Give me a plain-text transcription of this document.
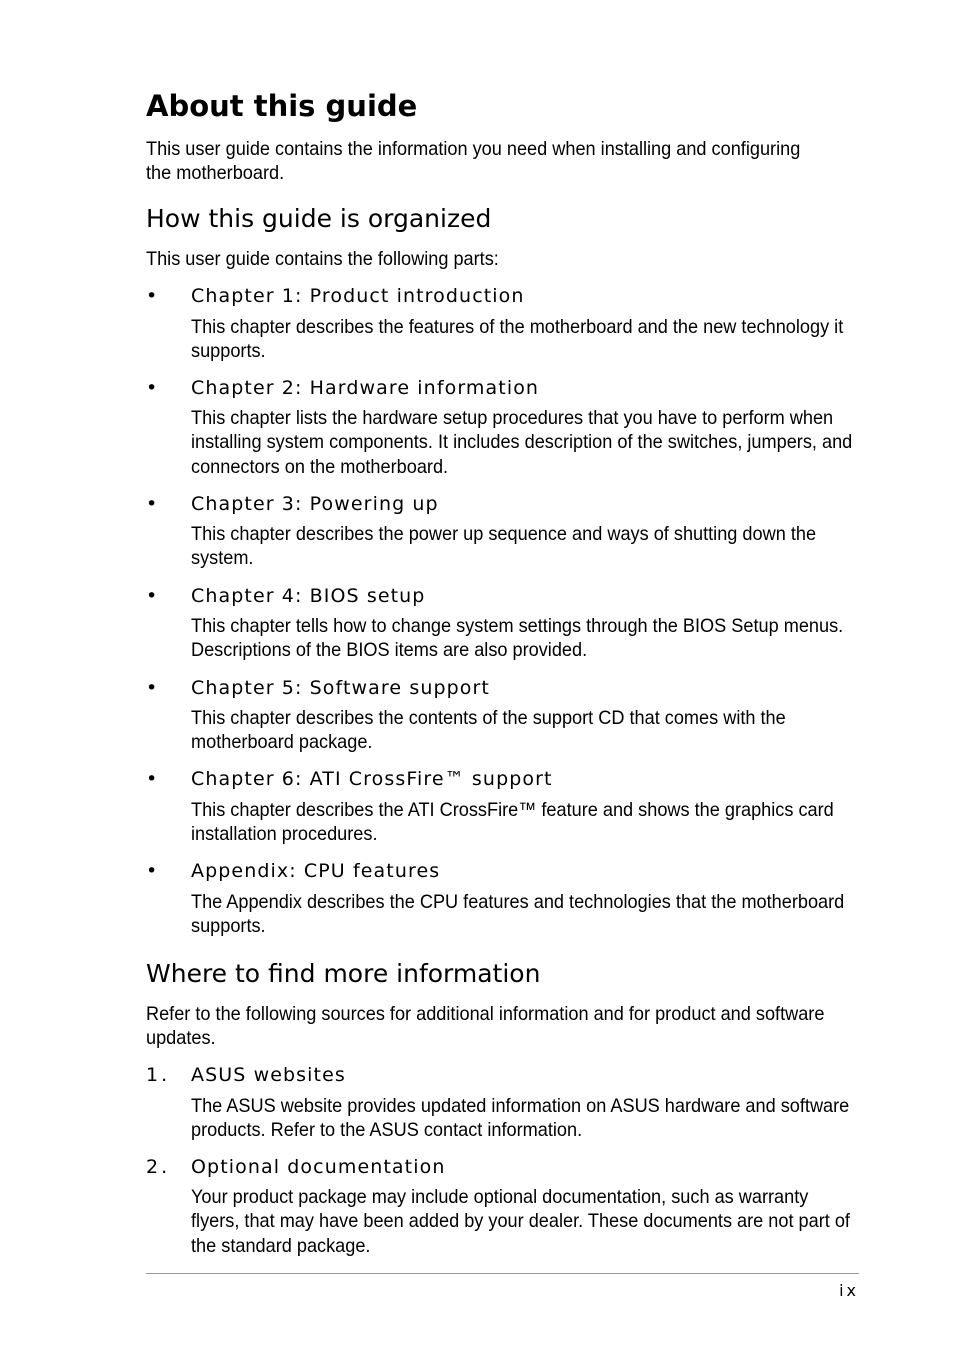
About this guide

This user guide contains the information you need when installing and configuring the motherboard.

How this guide is organized

This user guide contains the following parts:

• Chapter 1: Product introduction

This chapter describes the features of the motherboard and the new technology it supports.

• Chapter 2: Hardware information

This chapter lists the hardware setup procedures that you have to perform when installing system components. It includes description of the switches, jumpers, and connectors on the motherboard.

• Chapter 3: Powering up

This chapter describes the power up sequence and ways of shutting down the system.

• Chapter 4: BIOS setup

This chapter tells how to change system settings through the BIOS Setup menus. Descriptions of the BIOS items are also provided.

• Chapter 5: Software support

This chapter describes the contents of the support CD that comes with the motherboard package.

• Chapter 6: ATI CrossFire™ support

This chapter describes the ATI CrossFire™ feature and shows the graphics card installation procedures.

• Appendix: CPU features

The Appendix describes the CPU features and technologies that the motherboard supports.

Where to find more information

Refer to the following sources for additional information and for product and software updates.

1. ASUS websites

The ASUS website provides updated information on ASUS hardware and software products. Refer to the ASUS contact information.

2. Optional documentation

Your product package may include optional documentation, such as warranty flyers, that may have been added by your dealer. These documents are not part of the standard package.

ix
